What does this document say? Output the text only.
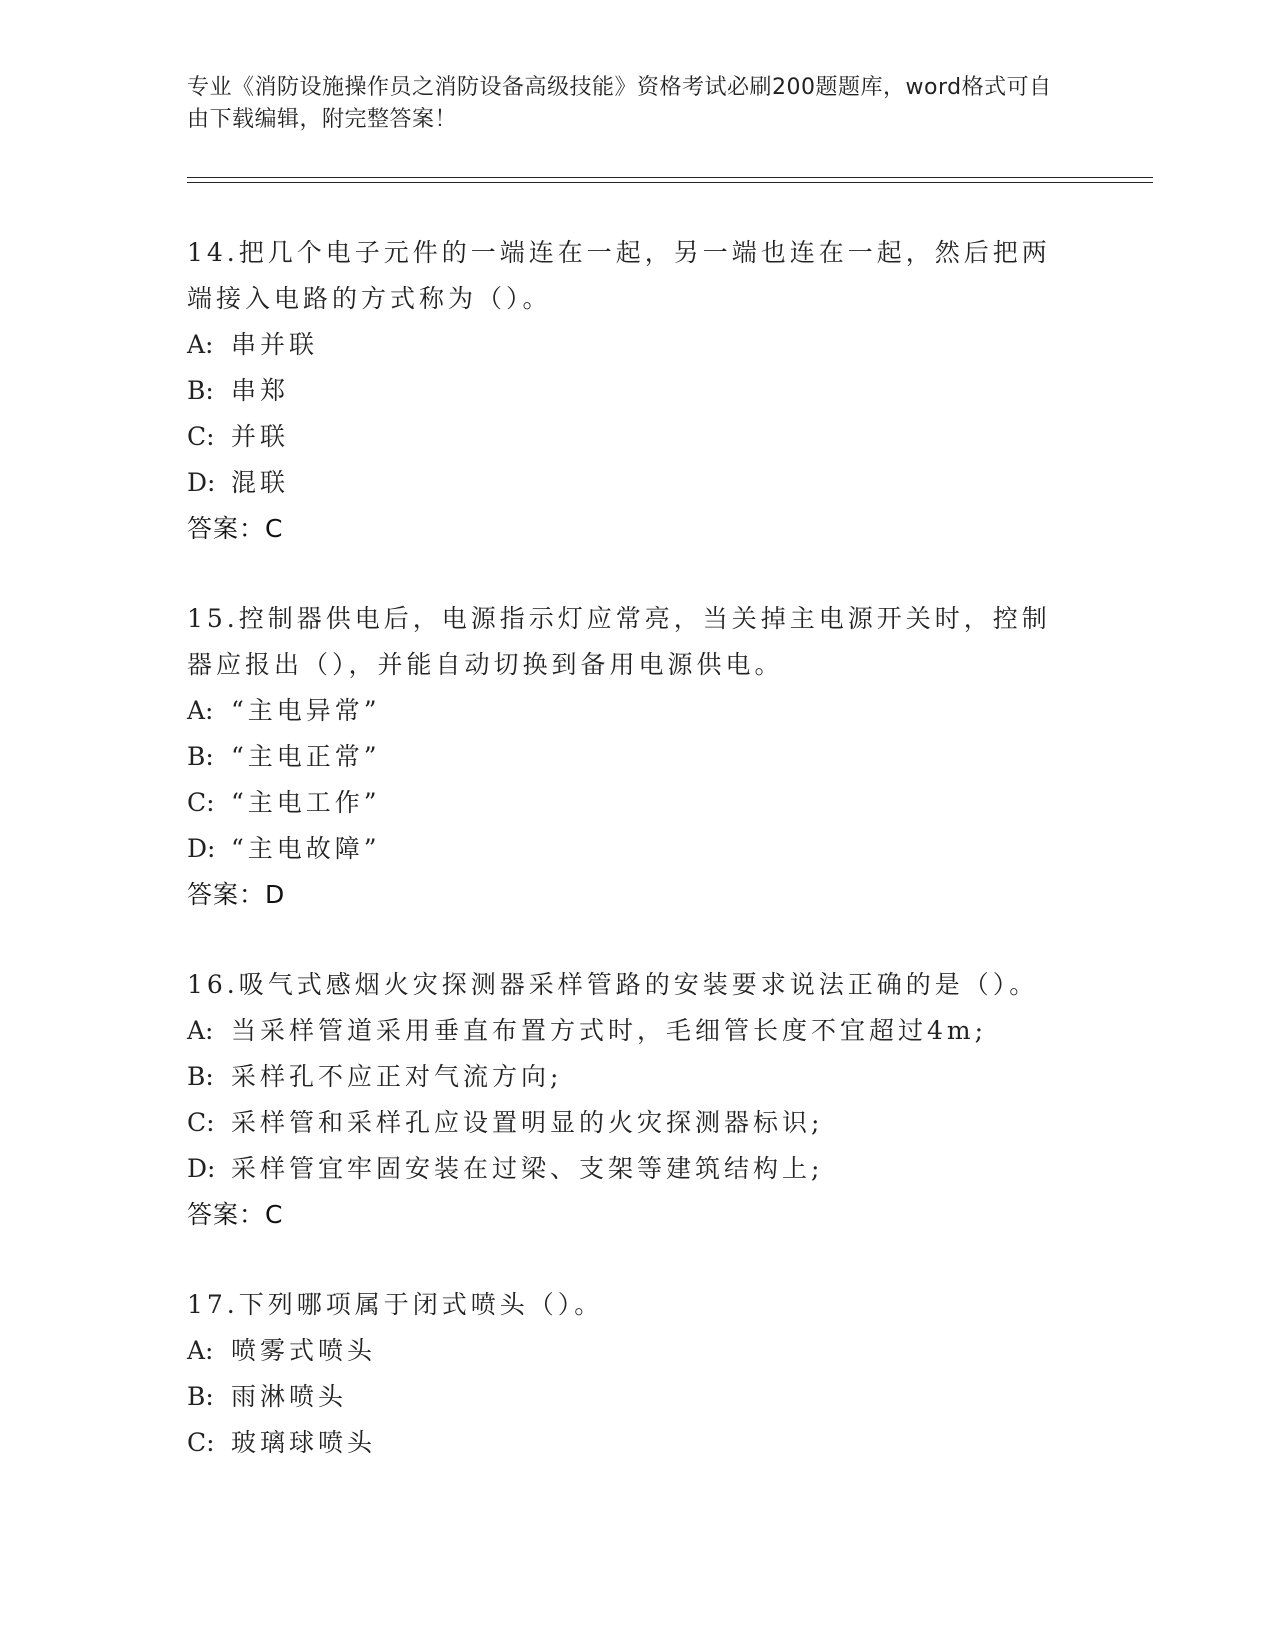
专业《消防设施操作员之消防设备高级技能》资格考试必刷200题题库，word格式可自由下载编辑，附完整答案！

14.把几个电子元件的一端连在一起，另一端也连在一起，然后把两端接入电路的方式称为（）。

A: 串并联

B: 串郑

C: 并联

D: 混联

答案：C

15.控制器供电后，电源指示灯应常亮，当关掉主电源开关时，控制器应报出（），并能自动切换到备用电源供电。

A: “主电异常”

B: “主电正常”

C: “主电工作”

D: “主电故障”

答案：D

16.吸气式感烟火灾探测器采样管路的安装要求说法正确的是（）。

A: 当采样管道采用垂直布置方式时，毛细管长度不宜超过4m;

B: 采样孔不应正对气流方向;

C: 采样管和采样孔应设置明显的火灾探测器标识;

D: 采样管宜牢固安装在过梁、支架等建筑结构上;

答案：C

17.下列哪项属于闭式喷头（）。

A: 喷雾式喷头

B: 雨淋喷头

C: 玻璃球喷头
